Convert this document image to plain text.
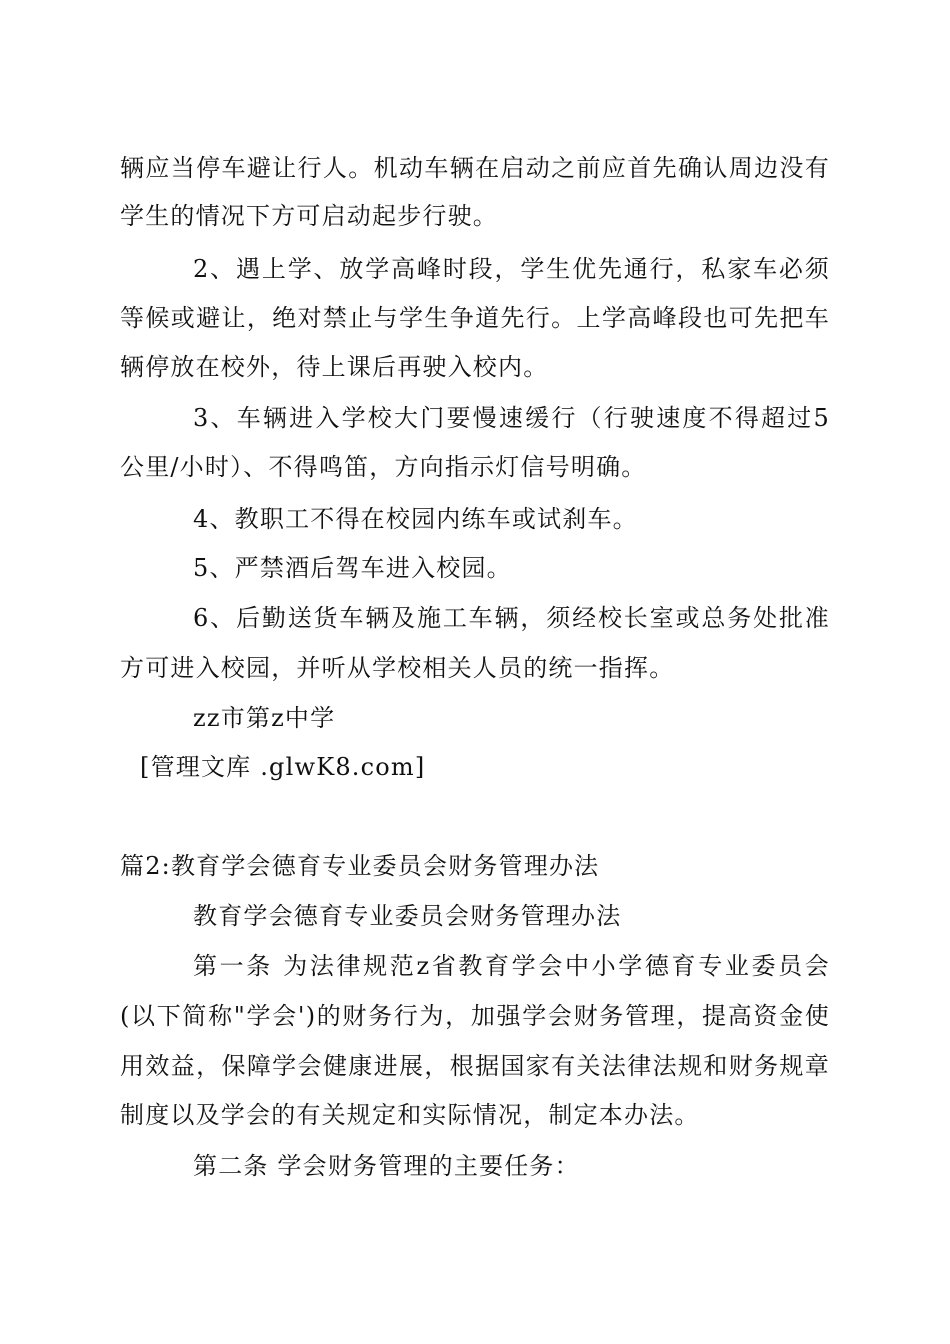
辆应当停车避让行人。机动车辆在启动之前应首先确认周边没有
学生的情况下方可启动起步行驶。
2、遇上学、放学高峰时段，学生优先通行，私家车必须
等候或避让，绝对禁止与学生争道先行。上学高峰段也可先把车
辆停放在校外，待上课后再驶入校内。
3、车辆进入学校大门要慢速缓行（行驶速度不得超过5
公里/小时）、不得鸣笛，方向指示灯信号明确。
4、教职工不得在校园内练车或试刹车。
5、严禁酒后驾车进入校园。
6、后勤送货车辆及施工车辆，须经校长室或总务处批准
方可进入校园，并听从学校相关人员的统一指挥。
zz市第z中学
[管理文库 .glwK8.com]
篇2:教育学会德育专业委员会财务管理办法
教育学会德育专业委员会财务管理办法
第一条 为法律规范z省教育学会中小学德育专业委员会
(以下简称"学会')的财务行为，加强学会财务管理，提高资金使
用效益，保障学会健康进展，根据国家有关法律法规和财务规章
制度以及学会的有关规定和实际情况，制定本办法。
第二条 学会财务管理的主要任务：
